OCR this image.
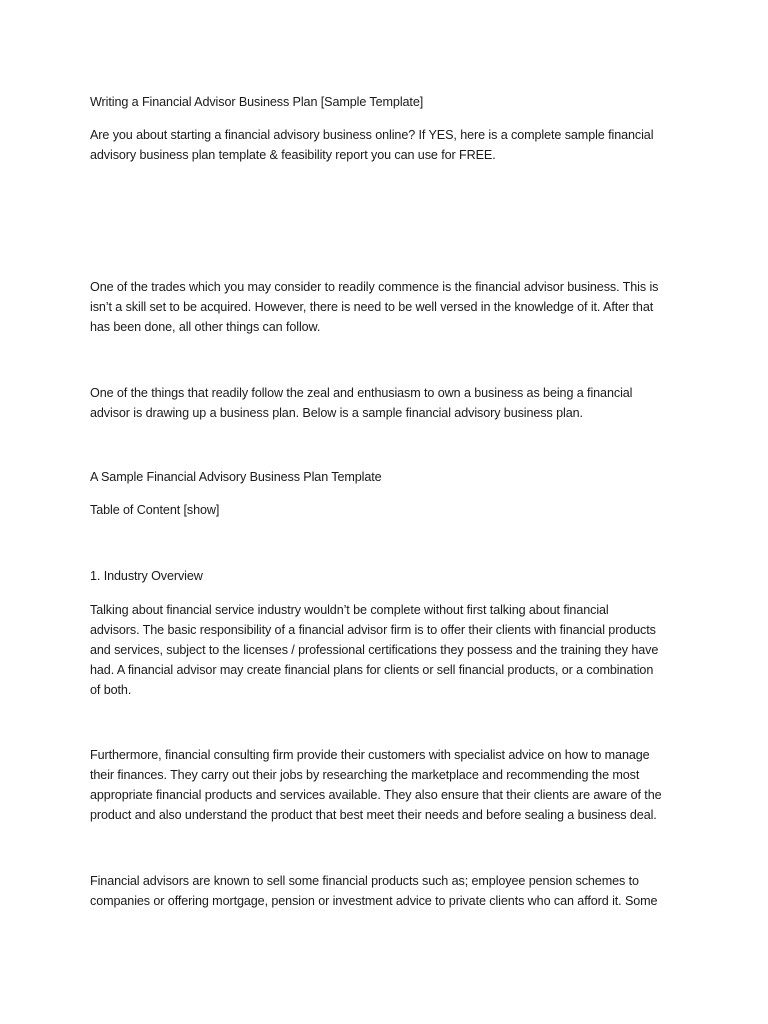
Writing a Financial Advisor Business Plan [Sample Template]

Are you about starting a financial advisory business online? If YES, here is a complete sample financial
advisory business plan template & feasibility report you can use for FREE.

One of the trades which you may consider to readily commence is the financial advisor business. This is
isn’t a skill set to be acquired. However, there is need to be well versed in the knowledge of it. After that
has been done, all other things can follow.

One of the things that readily follow the zeal and enthusiasm to own a business as being a financial
advisor is drawing up a business plan. Below is a sample financial advisory business plan.

A Sample Financial Advisory Business Plan Template

Table of Content [show]

1. Industry Overview

Talking about financial service industry wouldn’t be complete without first talking about financial
advisors. The basic responsibility of a financial advisor firm is to offer their clients with financial products
and services, subject to the licenses / professional certifications they possess and the training they have
had. A financial advisor may create financial plans for clients or sell financial products, or a combination
of both.

Furthermore, financial consulting firm provide their customers with specialist advice on how to manage
their finances. They carry out their jobs by researching the marketplace and recommending the most
appropriate financial products and services available. They also ensure that their clients are aware of the
product and also understand the product that best meet their needs and before sealing a business deal.

Financial advisors are known to sell some financial products such as; employee pension schemes to
companies or offering mortgage, pension or investment advice to private clients who can afford it. Some
